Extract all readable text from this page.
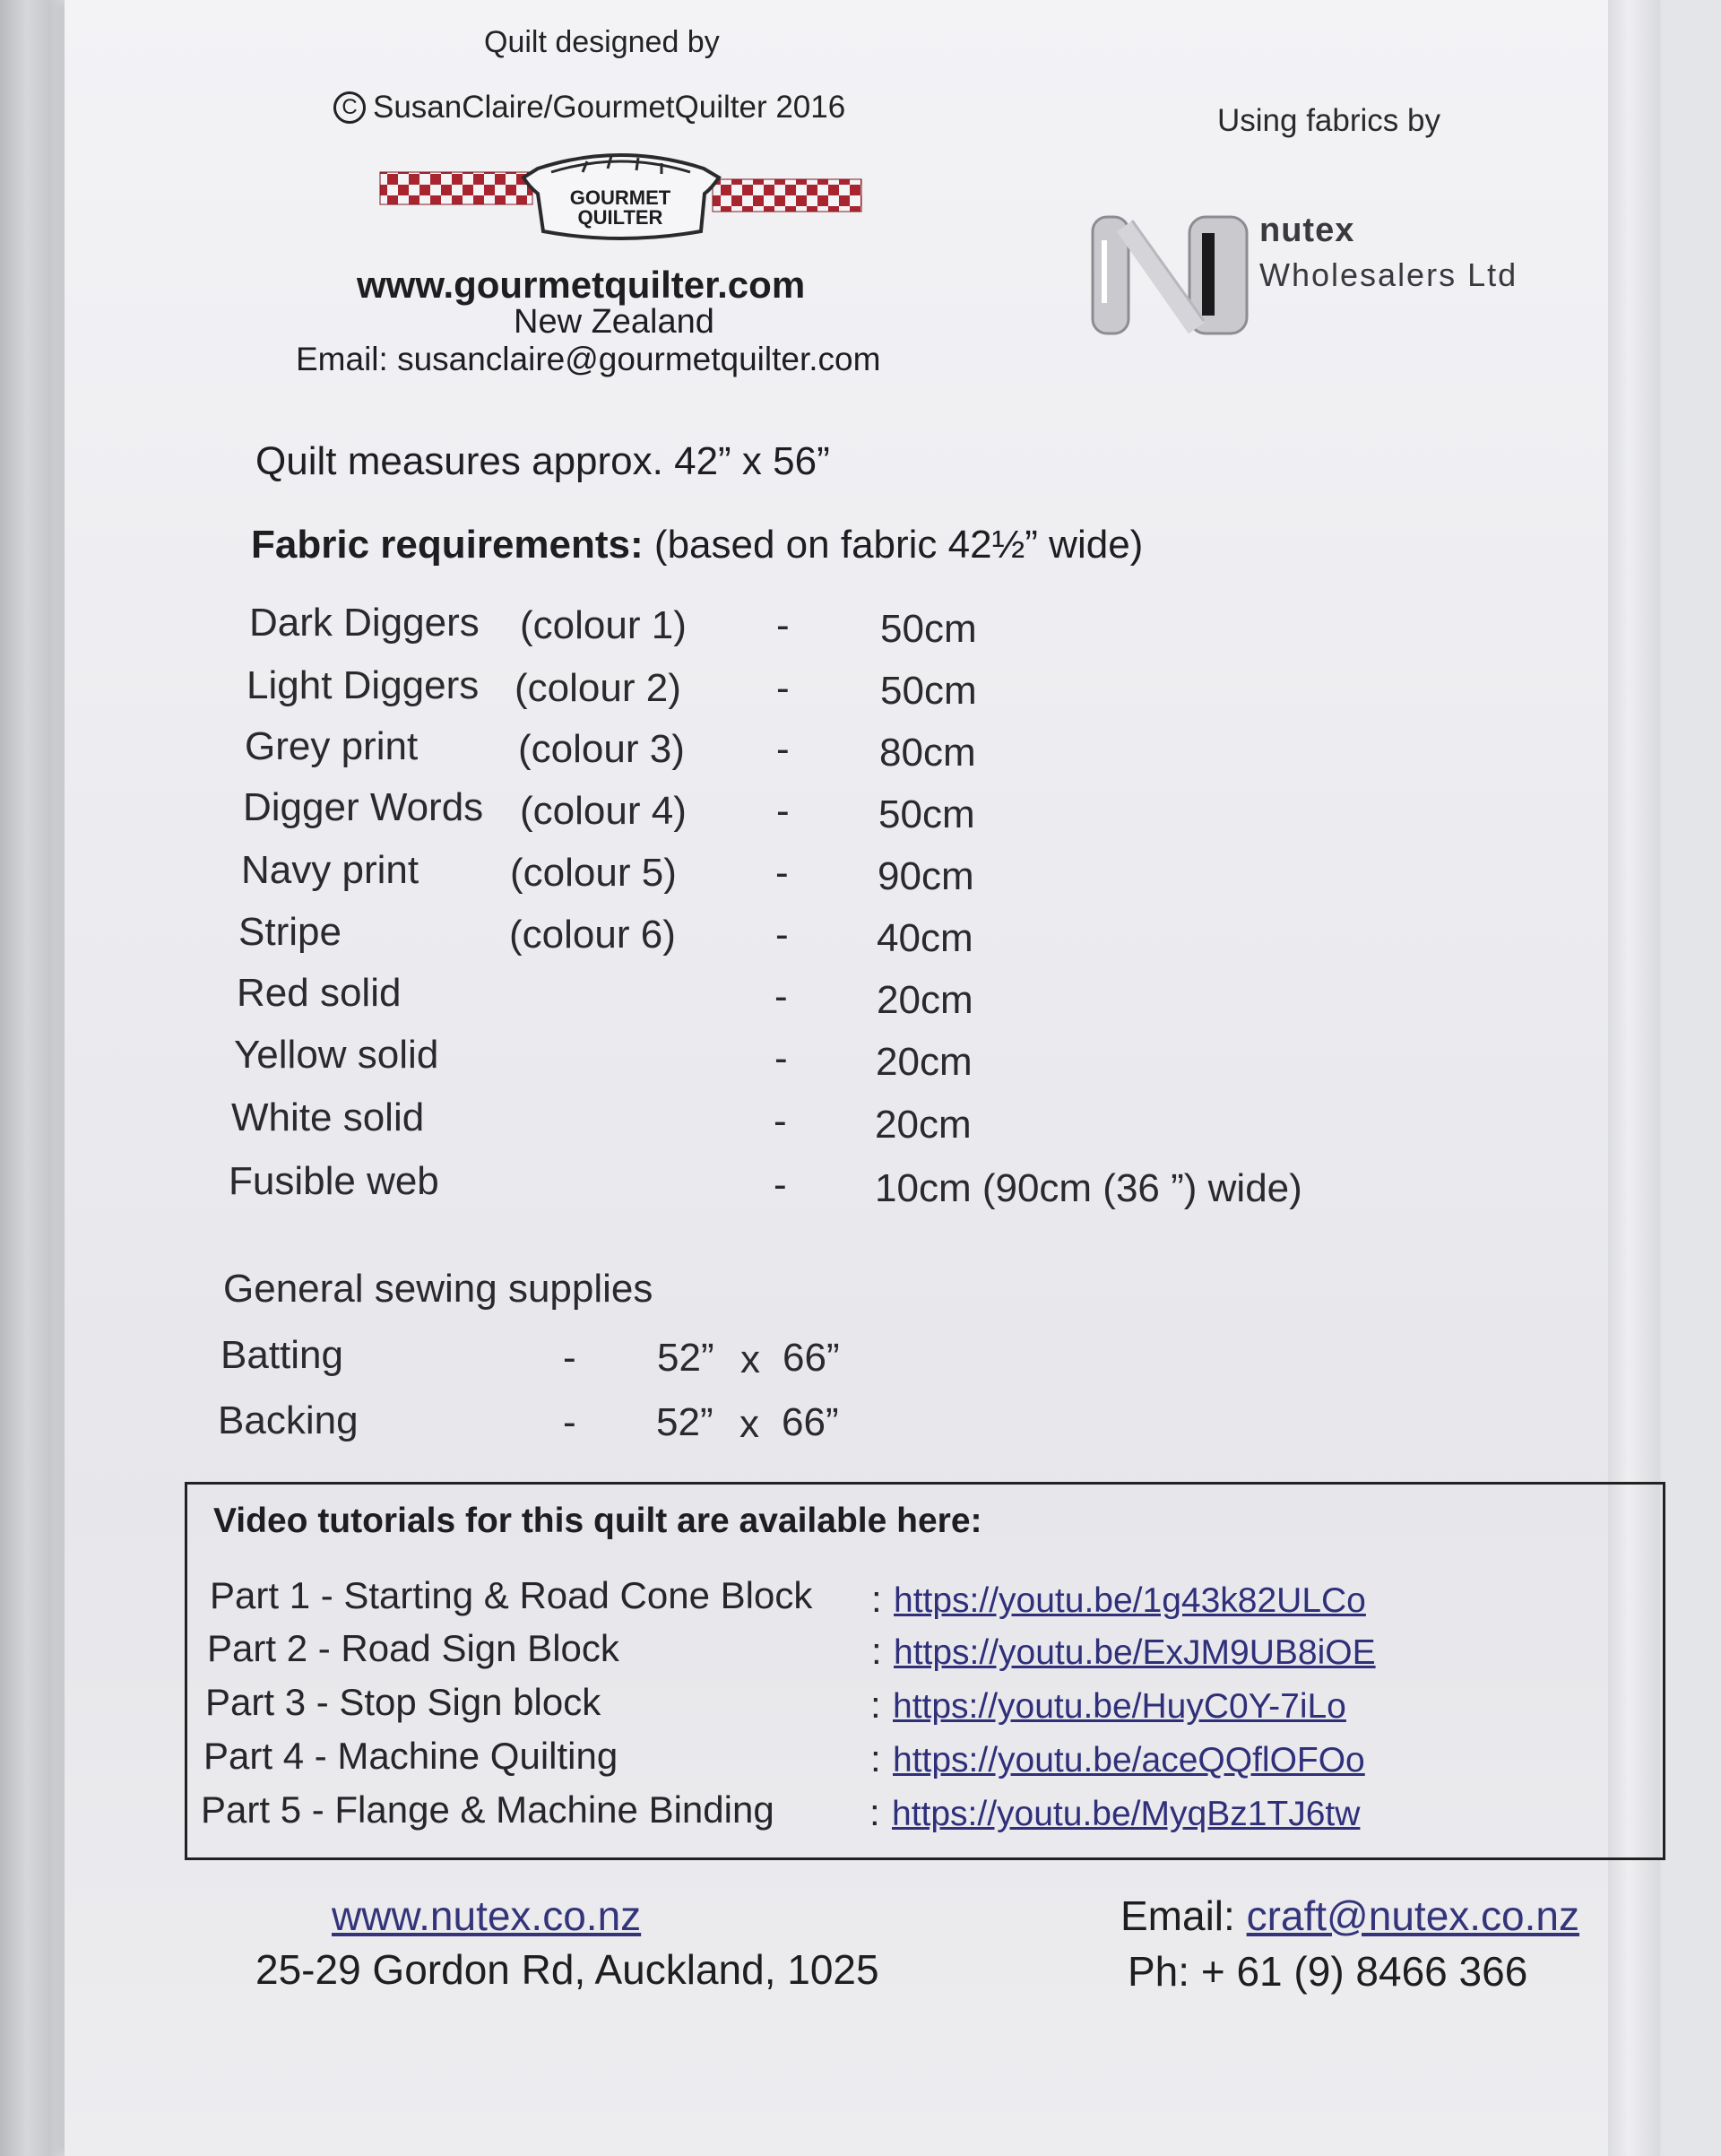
Quilt designed by
C SusanClaire/GourmetQuilter 2016
GOURMET
QUILTER
www.gourmetquilter.com
New Zealand
Email: susanclaire@gourmetquilter.com
Using fabrics by
nutex
Wholesalers Ltd
Quilt measures approx. 42” x 56”
Fabric requirements: (based on fabric 42½” wide)
Dark Diggers (colour 1) - 50cm
Light Diggers (colour 2) - 50cm
Grey print	(colour 3) - 80cm
Digger Words (colour 4) - 50cm
Navy print (colour 5)	- 90cm
Stripe	(colour 6)	- 40cm
Red solid	- 20cm
Yellow solid	- 20cm
White solid	- 20cm
Fusible web	- 10cm (90cm (36 ”) wide)
General sewing supplies
Batting	- 52” x 66”
Backing	- 52” x 66”
Video tutorials for this quilt are available here:
Part 1 - Starting & Road Cone Block : https://youtu.be/1g43k82ULCo
Part 2 - Road Sign Block	: https://youtu.be/ExJM9UB8iOE
Part 3 - Stop Sign block	: https://youtu.be/HuyC0Y-7iLo
Part 4 - Machine Quilting	: https://youtu.be/aceQQflOFOo
Part 5 - Flange & Machine Binding	: https://youtu.be/MyqBz1TJ6tw
www.nutex.co.nz
25-29 Gordon Rd, Auckland, 1025
Email: craft@nutex.co.nz
Ph: + 61 (9) 8466 366
